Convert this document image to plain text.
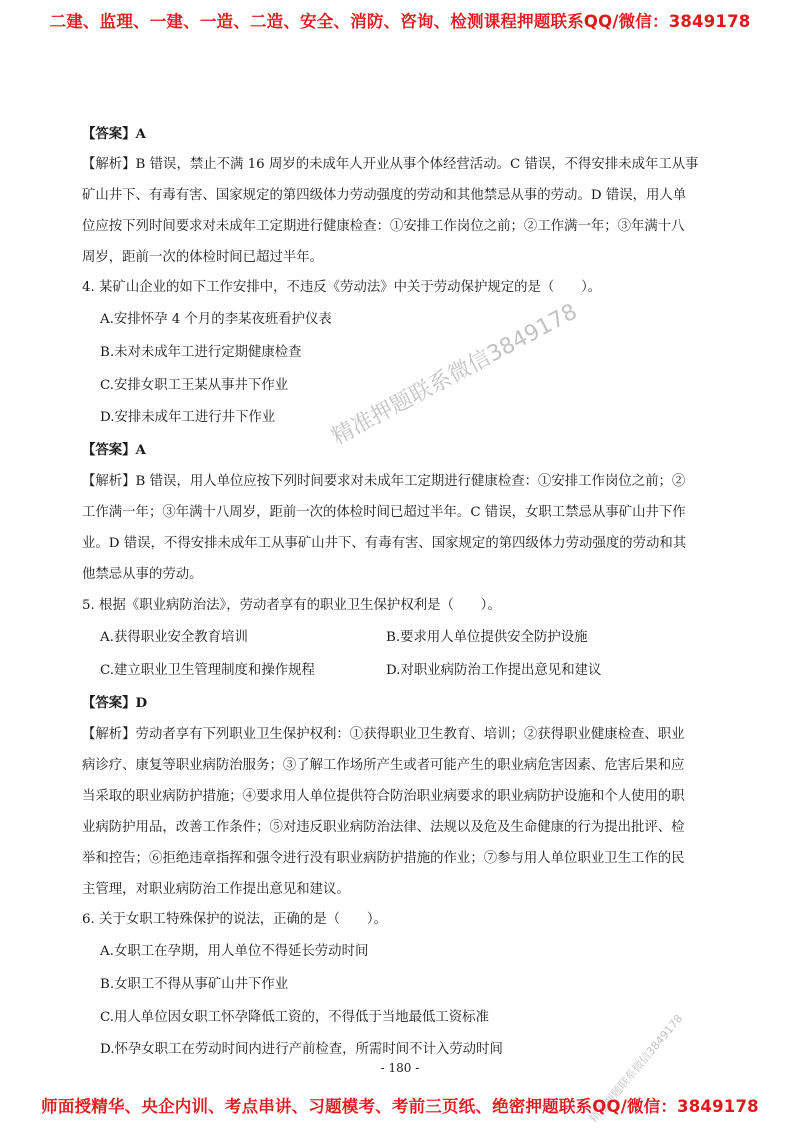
二建、监理、一建、一造、二造、安全、消防、咨询、检测课程押题联系QQ/微信：3849178
【答案】A
【解析】B 错误，禁止不满 16 周岁的未成年人开业从事个体经营活动。C 错误，不得安排未成年工从事
矿山井下、有毒有害、国家规定的第四级体力劳动强度的劳动和其他禁忌从事的劳动。D 错误，用人单
位应按下列时间要求对未成年工定期进行健康检查：①安排工作岗位之前；②工作满一年；③年满十八
周岁，距前一次的体检时间已超过半年。
4. 某矿山企业的如下工作安排中，不违反《劳动法》中关于劳动保护规定的是（　　）。
A.安排怀孕 4 个月的李某夜班看护仪表
B.未对未成年工进行定期健康检查
C.安排女职工王某从事井下作业
D.安排未成年工进行井下作业
【答案】A
【解析】B 错误，用人单位应按下列时间要求对未成年工定期进行健康检查：①安排工作岗位之前；②
工作满一年；③年满十八周岁，距前一次的体检时间已超过半年。C 错误，女职工禁忌从事矿山井下作
业。D 错误，不得安排未成年工从事矿山井下、有毒有害、国家规定的第四级体力劳动强度的劳动和其
他禁忌从事的劳动。
5. 根据《职业病防治法》，劳动者享有的职业卫生保护权利是（　　）。
A.获得职业安全教育培训	B.要求用人单位提供安全防护设施
C.建立职业卫生管理制度和操作规程	D.对职业病防治工作提出意见和建议
【答案】D
【解析】劳动者享有下列职业卫生保护权利：①获得职业卫生教育、培训；②获得职业健康检查、职业
病诊疗、康复等职业病防治服务；③了解工作场所产生或者可能产生的职业病危害因素、危害后果和应
当采取的职业病防护措施；④要求用人单位提供符合防治职业病要求的职业病防护设施和个人使用的职
业病防护用品，改善工作条件；⑤对违反职业病防治法律、法规以及危及生命健康的行为提出批评、检
举和控告；⑥拒绝违章指挥和强令进行没有职业病防护措施的作业；⑦参与用人单位职业卫生工作的民
主管理，对职业病防治工作提出意见和建议。
6. 关于女职工特殊保护的说法，正确的是（　　）。
A.女职工在孕期，用人单位不得延长劳动时间
B.女职工不得从事矿山井下作业
C.用人单位因女职工怀孕降低工资的，不得低于当地最低工资标准
D.怀孕女职工在劳动时间内进行产前检查，所需时间不计入劳动时间
- 180 -
精准押题联系微信3849178
精准押题联系微信3849178
师面授精华、央企内训、考点串讲、习题模考、考前三页纸、绝密押题联系QQ/微信：3849178
